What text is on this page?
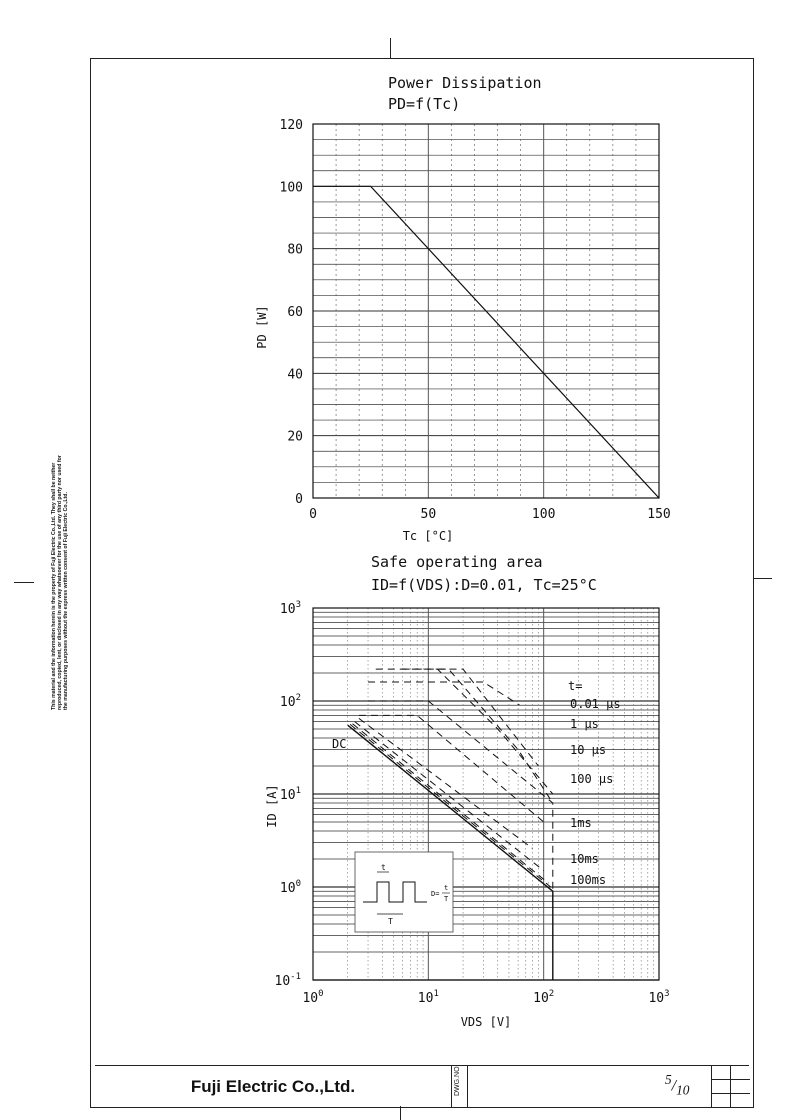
This material and the information herein is the property of Fuji Electric Co.,Ltd. They shall be neither reproduced, copied, lent, or disclosed in any way whatsoever for the use of any third party nor used for the manufacturing purposes without the express written consent of Fuji Electric Co.,Ltd.
Power Dissipation
PD=f(Tc)
0
20
40
60
80
100
120
0	50	100	150
Tc [°C]
PD [W]
Safe operating area
ID=f(VDS):D=0.01, Tc=25°C
$10^{-1}$
$10^0$
$10^1$
$10^2$
$10^3$
$10^0$	$10^1$	$10^2$	$10^3$
VDS [V]
ID [A]
t=
DC
0.01 µs
1 µs
10 µs
100 µs
1ms
10ms
100ms
t
T
D=
t
T
Fuji Electric Co.,Ltd.	DWG.NO.	$^5/_{10}$
